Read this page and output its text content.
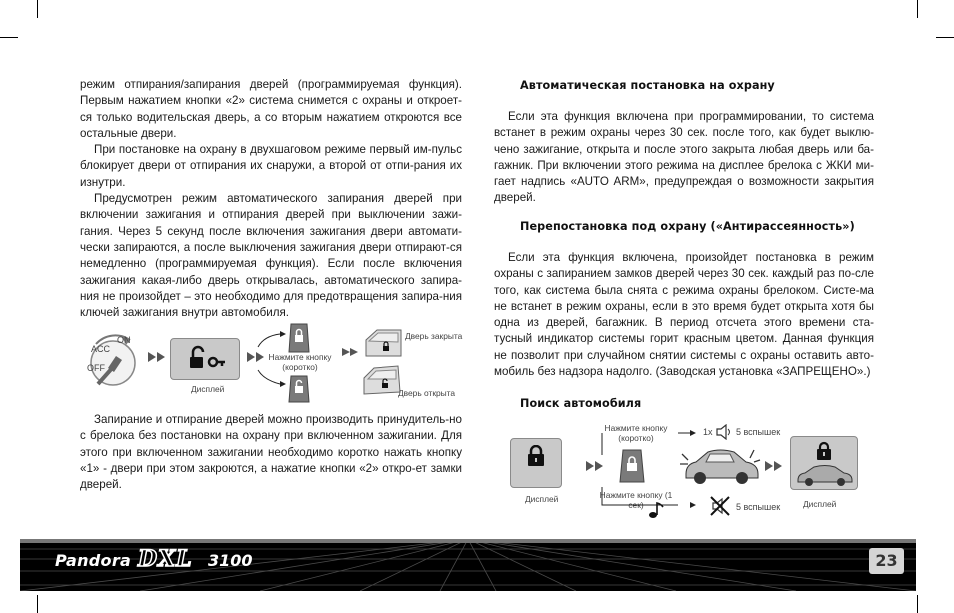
режим отпирания/запирания дверей (программируемая функция). Первым нажатием кнопки «2» система снимется с охраны и откроет-ся только водительская дверь, а со вторым нажатием откроются все остальные двери.

При постановке на охрану в двухшаговом режиме первый им-пульс блокирует двери от отпирания их снаружи, а второй от отпи-рания их изнутри.

Предусмотрен режим автоматического запирания дверей при включении зажигания и отпирания дверей при выключении зажи-гания. Через 5 секунд после включения зажигания двери автомати-чески запираются, а после выключения зажигания двери отпирают-ся немедленно (программируемая функция). Если после включения зажигания какая-либо дверь открывалась, автоматического запира-ния не произойдет – это необходимо для предотвращения запира-ния ключей зажигания внутри автомобиля.

ACC
ON
OFF
Дисплей
Нажмите кнопку (коротко)
Дверь закрыта
Дверь открыта

Запирание и отпирание дверей можно производить принудитель-но с брелока без постановки на охрану при включенном зажигании. Для этого при включенном зажигании необходимо коротко нажать кнопку «1» - двери при этом закроются, а нажатие кнопки «2» откро-ет замки дверей.

Автоматическая постановка на охрану

Если эта функция включена при программировании, то система встанет в режим охраны через 30 сек. после того, как будет выклю-чено зажигание, открыта и после этого закрыта любая дверь или ба-гажник. При включении этого режима на дисплее брелока с ЖКИ ми-гает надпись «AUTO ARM», предупреждая о возможности закрытия дверей.

Перепостановка под охрану («Антирассеянность»)

Если эта функция включена, произойдет постановка в режим охраны с запиранием замков дверей через 30 сек. каждый раз по-сле того, как система была снята с режима охраны брелоком. Систе-ма не встанет в режим охраны, если в это время будет открыта хотя бы одна из дверей, багажник. В период отсчета этого времени ста-тусный индикатор системы горит красным цветом. Данная функция не позволит при случайном снятии системы с охраны оставить авто-мобиль без надзора надолго. (Заводская установка «ЗАПРЕЩЕНО».)

Поиск автомобиля
Дисплей
Нажмите кнопку (коротко)
Нажмите кнопку (1 сек)
1x	5 вспышек
5 вспышек	Дисплей
Pandora DXL 3100	23
